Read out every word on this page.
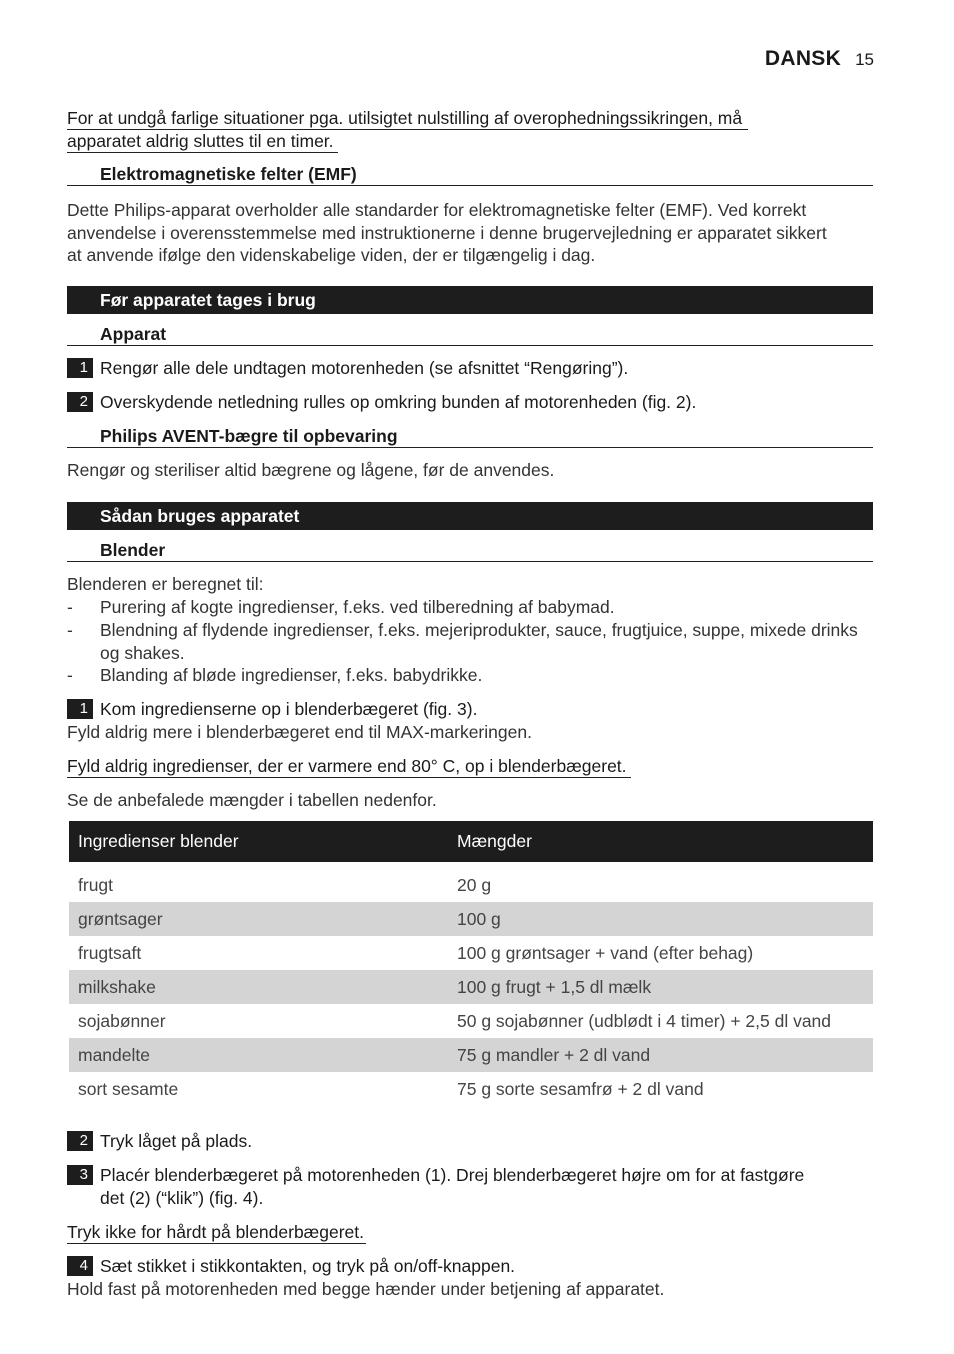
DANSK 15
For at undgå farlige situationer pga. utilsigtet nulstilling af overophedningssikringen, må
apparatet aldrig sluttes til en timer.
Elektromagnetiske felter (EMF)
Dette Philips-apparat overholder alle standarder for elektromagnetiske felter (EMF). Ved korrekt
anvendelse i overensstemmelse med instruktionerne i denne brugervejledning er apparatet sikkert
at anvende ifølge den videnskabelige viden, der er tilgængelig i dag.
Før apparatet tages i brug
Apparat
1 Rengør alle dele undtagen motorenheden (se afsnittet “Rengøring”).
2 Overskydende netledning rulles op omkring bunden af motorenheden (fig. 2).
Philips AVENT-bægre til opbevaring
Rengør og steriliser altid bægrene og lågene, før de anvendes.
Sådan bruges apparatet
Blender
Blenderen er beregnet til:
-	Purering af kogte ingredienser, f.eks. ved tilberedning af babymad.
-	Blendning af flydende ingredienser, f.eks. mejeriprodukter, sauce, frugtjuice, suppe, mixede drinks
og shakes.
-	Blanding af bløde ingredienser, f.eks. babydrikke.
1 Kom ingredienserne op i blenderbægeret (fig. 3).
Fyld aldrig mere i blenderbægeret end til MAX-markeringen.
Fyld aldrig ingredienser, der er varmere end 80° C, op i blenderbægeret.
Se de anbefalede mængder i tabellen nedenfor.
Ingredienser blender	Mængder

frugt	20 g
grøntsager	100 g
frugtsaft	100 g grøntsager + vand (efter behag)
milkshake	100 g frugt + 1,5 dl mælk
sojabønner	50 g sojabønner (udblødt i 4 timer) + 2,5 dl vand
mandelte	75 g mandler + 2 dl vand
sort sesamte	75 g sorte sesamfrø + 2 dl vand
2 Tryk låget på plads.
3 Placér blenderbægeret på motorenheden (1). Drej blenderbægeret højre om for at fastgøre
det (2) (“klik”) (fig. 4).
Tryk ikke for hårdt på blenderbægeret.
4 Sæt stikket i stikkontakten, og tryk på on/off-knappen.
Hold fast på motorenheden med begge hænder under betjening af apparatet.
